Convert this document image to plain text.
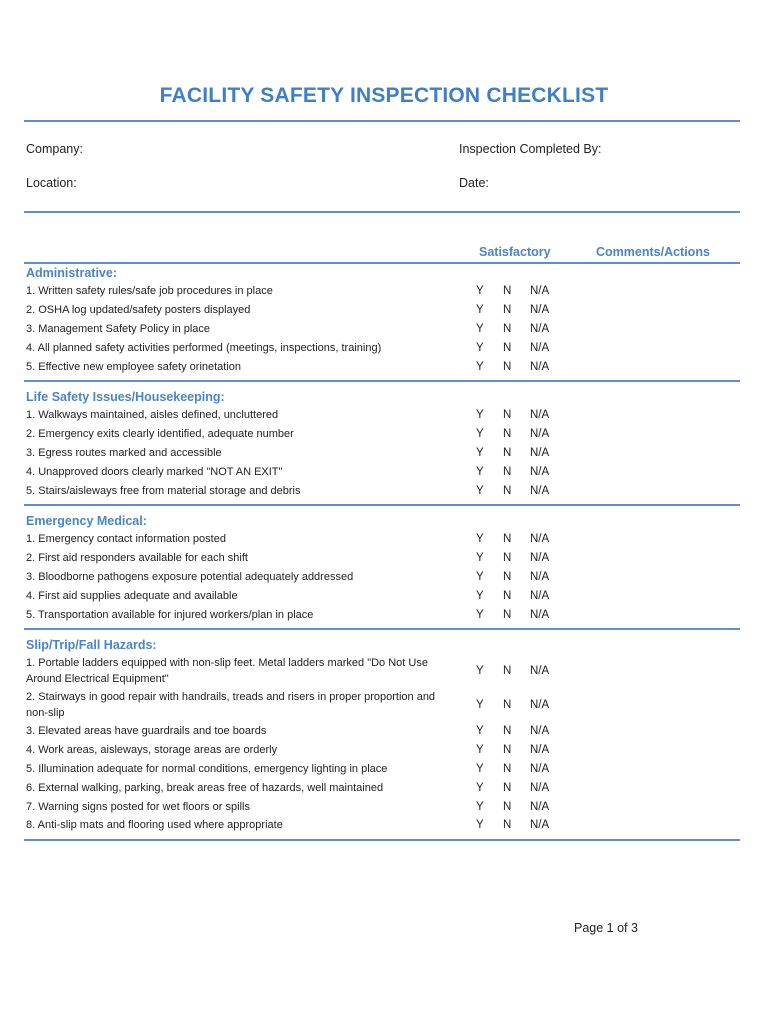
FACILITY SAFETY INSPECTION CHECKLIST
Company:
Location:
Inspection Completed By:
Date:
Satisfactory	Comments/Actions
Administrative:
1. Written safety rules/safe job procedures in place	Y N N/A
2. OSHA log updated/safety posters displayed	Y N N/A
3. Management Safety Policy in place	Y N N/A
4. All planned safety activities performed (meetings, inspections, training)	Y N N/A
5. Effective new employee safety orinetation	Y N N/A
Life Safety Issues/Housekeeping:
1. Walkways maintained, aisles defined, uncluttered	Y N N/A
2. Emergency exits clearly identified, adequate number	Y N N/A
3. Egress routes marked and accessible	Y N N/A
4. Unapproved doors clearly marked "NOT AN EXIT"	Y N N/A
5. Stairs/aisleways free from material storage and debris	Y N N/A
Emergency Medical:
1. Emergency contact information posted	Y N N/A
2. First aid responders available for each shift	Y N N/A
3. Bloodborne pathogens exposure potential adequately addressed	Y N N/A
4. First aid supplies adequate and available	Y N N/A
5. Transportation available for injured workers/plan in place	Y N N/A
Slip/Trip/Fall Hazards:
1. Portable ladders equipped with non-slip feet. Metal ladders marked "Do Not Use Around Electrical Equipment"
Y N N/A
2. Stairways in good repair with handrails, treads and risers in proper proportion and non-slip
Y N N/A
3. Elevated areas have guardrails and toe boards	Y N N/A
4. Work areas, aisleways, storage areas are orderly	Y N N/A
5. Illumination adequate for normal conditions, emergency lighting in place	Y N N/A
6. External walking, parking, break areas free of hazards, well maintained	Y N N/A
7. Warning signs posted for wet floors or spills	Y N N/A
8. Anti-slip mats and flooring used where appropriate	Y N N/A
Page 1 of 3
